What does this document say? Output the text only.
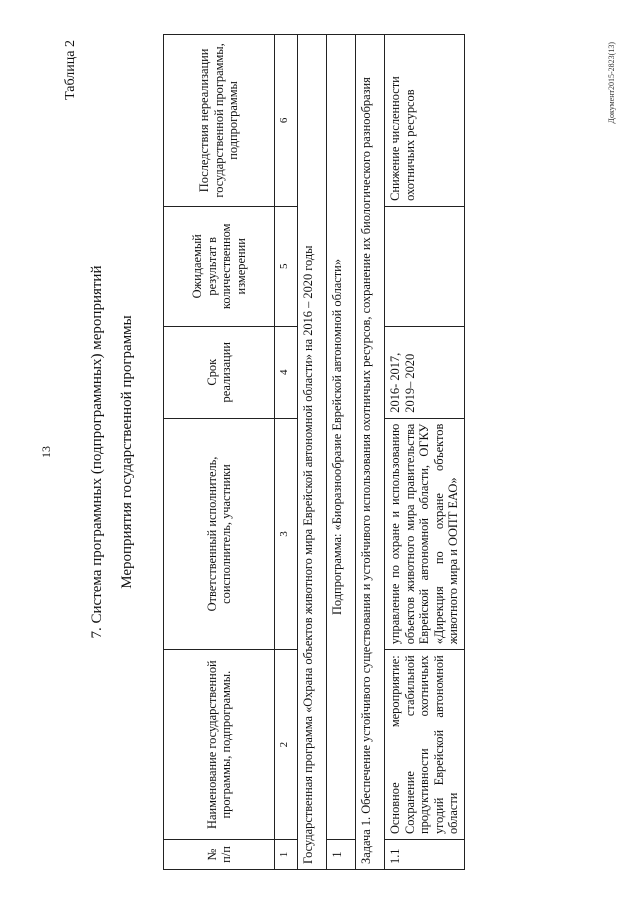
13
Таблица 2
7. Система программных (подпрограммных) мероприятий Мероприятия государственной программы
№ п/п	Наименование государственной программы, подпрограммы.	Ответственный исполнитель, соисполнитель, участники	Срок реализации	Ожидаемый результат в количественном измерении	Последствия нереализации государственной программы, подпрограммы
1	2	3	4	5	6
Государственная программа «Охрана объектов животного мира Еврейской автономной области» на 2016 – 2020 годы					
1	Подпрограмма: «Биоразнообразие Еврейской автономной области»				
Задача 1. Обеспечение устойчивого существования и устойчивого использования охотничьих ресурсов, сохранение их биологического разнообразия					
1.1	Основное мероприятие: Сохранение стабильной продуктивности охотничьих угодий Еврейской автономной области	управление по охране и использованию объектов животного мира правительства Еврейской автономной области, ОГКУ «Дирекция по охране объектов животного мира и ООПТ ЕАО»	2016- 2017, 2019– 2020		Снижение численности охотничьих ресурсов
Документ2015-2823(13)
